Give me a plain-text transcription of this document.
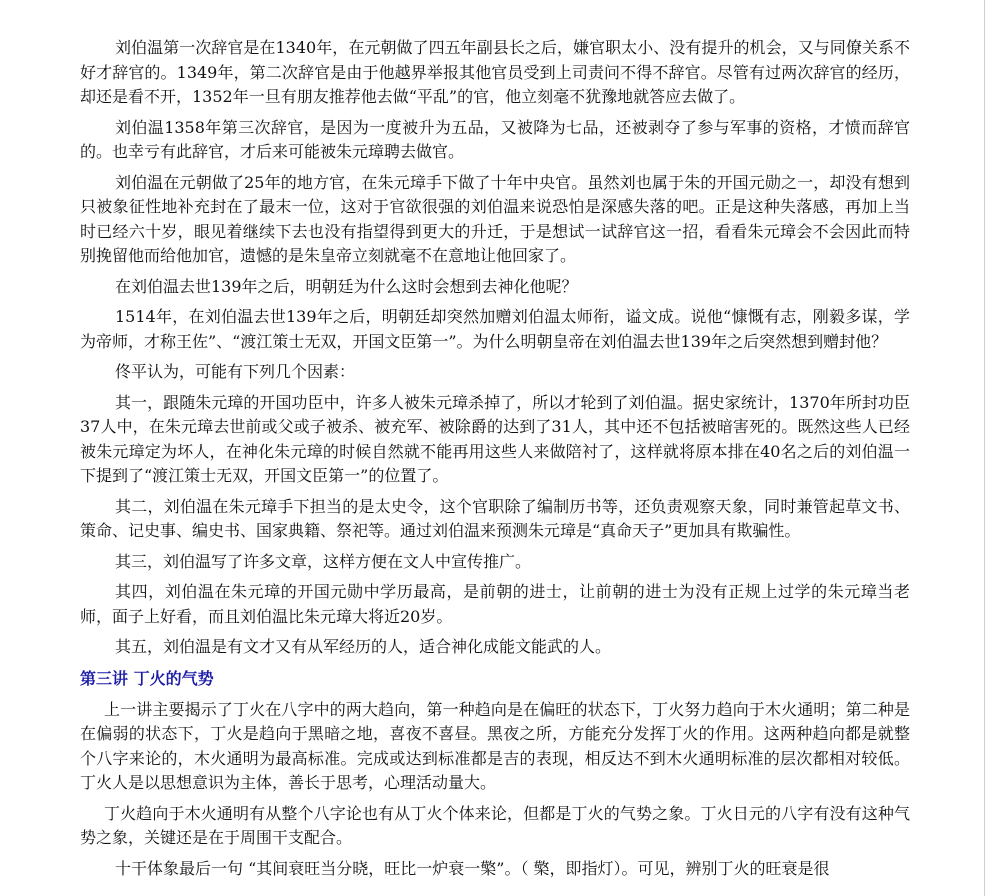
刘伯温第一次辞官是在1340年，在元朝做了四五年副县长之后，嫌官职太小、没有提升的机会，又与同僚关系不好才辞官的。1349年，第二次辞官是由于他越界举报其他官员受到上司责问不得不辞官。尽管有过两次辞官的经历，却还是看不开，1352年一旦有朋友推荐他去做“平乱”的官，他立刻毫不犹豫地就答应去做了。

刘伯温1358年第三次辞官，是因为一度被升为五品，又被降为七品，还被剥夺了参与军事的资格，才愤而辞官的。也幸亏有此辞官，才后来可能被朱元璋聘去做官。

刘伯温在元朝做了25年的地方官，在朱元璋手下做了十年中央官。虽然刘也属于朱的开国元勋之一，却没有想到只被象征性地补充封在了最末一位，这对于官欲很强的刘伯温来说恐怕是深感失落的吧。正是这种失落感，再加上当时已经六十岁，眼见着继续下去也没有指望得到更大的升迁，于是想试一试辞官这一招，看看朱元璋会不会因此而特别挽留他而给他加官，遗憾的是朱皇帝立刻就毫不在意地让他回家了。

在刘伯温去世139年之后，明朝廷为什么这时会想到去神化他呢？

1514年，在刘伯温去世139年之后，明朝廷却突然加赠刘伯温太师衔，谥文成。说他“慷慨有志，刚毅多谋，学为帝师，才称王佐”、“渡江策士无双，开国文臣第一”。为什么明朝皇帝在刘伯温去世139年之后突然想到赠封他？

佟平认为，可能有下列几个因素：

其一，跟随朱元璋的开国功臣中，许多人被朱元璋杀掉了，所以才轮到了刘伯温。据史家统计，1370年所封功臣37人中，在朱元璋去世前或父或子被杀、被充军、被除爵的达到了31人，其中还不包括被暗害死的。既然这些人已经被朱元璋定为坏人，在神化朱元璋的时候自然就不能再用这些人来做陪衬了，这样就将原本排在40名之后的刘伯温一下提到了“渡江策士无双，开国文臣第一”的位置了。

其二，刘伯温在朱元璋手下担当的是太史令，这个官职除了编制历书等，还负责观察天象，同时兼管起草文书、策命、记史事、编史书、国家典籍、祭祀等。通过刘伯温来预测朱元璋是“真命天子”更加具有欺骗性。

其三，刘伯温写了许多文章，这样方便在文人中宣传推广。

其四，刘伯温在朱元璋的开国元勋中学历最高，是前朝的进士，让前朝的进士为没有正规上过学的朱元璋当老师，面子上好看，而且刘伯温比朱元璋大将近20岁。

其五，刘伯温是有文才又有从军经历的人，适合神化成能文能武的人。

第三讲 丁火的气势

上一讲主要揭示了丁火在八字中的两大趋向，第一种趋向是在偏旺的状态下，丁火努力趋向于木火通明；第二种是在偏弱的状态下，丁火是趋向于黑暗之地，喜夜不喜昼。黑夜之所，方能充分发挥丁火的作用。这两种趋向都是就整个八字来论的，木火通明为最高标准。完成或达到标准都是吉的表现，相反达不到木火通明标准的层次都相对较低。丁火人是以思想意识为主体，善长于思考，心理活动量大。

丁火趋向于木火通明有从整个八字论也有从丁火个体来论，但都是丁火的气势之象。丁火日元的八字有没有这种气势之象，关键还是在于周围干支配合。

十干体象最后一句 “其间衰旺当分晓，旺比一炉衰一檠”。（ 檠，即指灯）。可见，辨别丁火的旺衰是很
